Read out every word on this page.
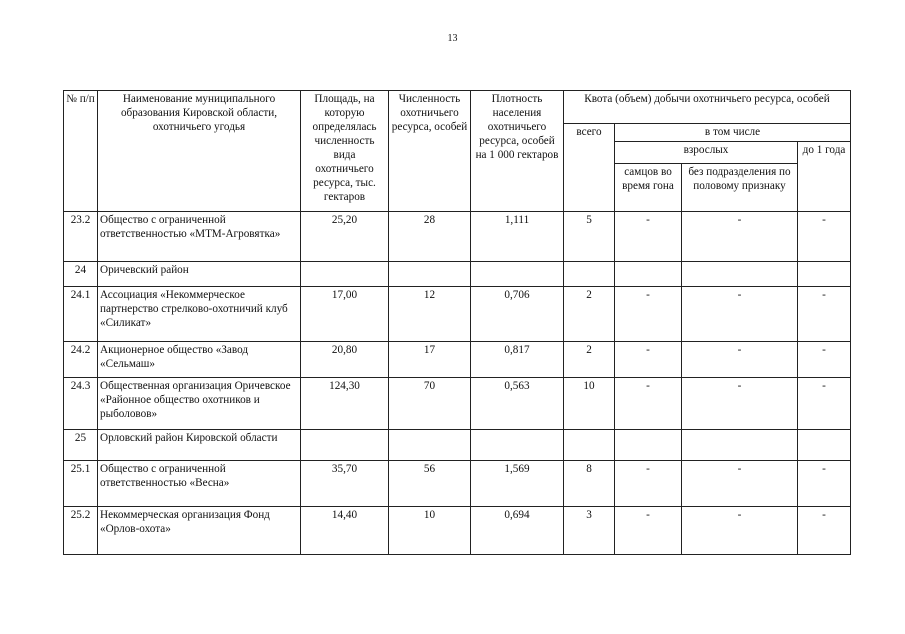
13
№ п/п	Наименование муниципального образования Кировской области, охотничьего угодья	Площадь, на которую определялась численность вида охотничьего ресурса, тыс. гектаров	Численность охотничьего ресурса, особей	Плотность населения охотничьего ресурса, особей на 1 000 гектаров	Квота (объем) добычи охотничьего ресурса, особей			
					всего	в том числе		
						взрослых		до 1 года
						самцов во время гона	без подразделения по половому признаку	
23.2	Общество с ограниченной ответственностью «МТМ-Агровятка»	25,20	28	1,111	5	-	-	-
24	Оричевский район							
24.1	Ассоциация «Некоммерческое партнерство стрелково-охотничий клуб «Силикат»	17,00	12	0,706	2	-	-	-
24.2	Акционерное общество «Завод «Сельмаш»	20,80	17	0,817	2	-	-	-
24.3	Общественная организация Оричевское «Районное общество охотников и рыболовов»	124,30	70	0,563	10	-	-	-
25	Орловский район Кировской области							
25.1	Общество с ограниченной ответственностью «Весна»	35,70	56	1,569	8	-	-	-
25.2	Некоммерческая организация Фонд «Орлов-охота»	14,40	10	0,694	3	-	-	-
